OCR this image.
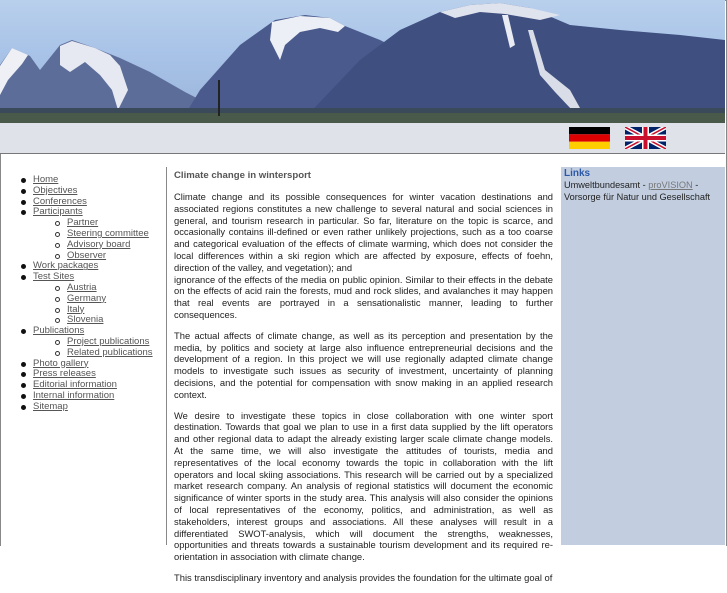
Home
Objectives
Conferences
Participants
Partner
Steering committee
Advisory board
Observer
Work packages
Test Sites
Austria
Germany
Italy
Slovenia
Publications
Project publications
Related publications
Photo gallery
Press releases
Editorial information
Internal information
Sitemap
Climate change in wintersport

Climate change and its possible consequences for winter vacation destinations and associated regions constitutes a new challenge to several natural and social sciences in general, and tourism research in particular. So far, literature on the topic is scarce, and occasionally contains ill-defined or even rather unlikely projections, such as a too coarse and categorical evaluation of the effects of climate warming, which does not consider the local differences within a ski region which are affected by exposure, effects of foehn, direction of the valley, and vegetation); and

ignorance of the effects of the media on public opinion. Similar to their effects in the debate on the effects of acid rain the forests, mud and rock slides, and avalanches it may happen that real events are portrayed in a sensationalistic manner, leading to further consequences.

The actual affects of climate change, as well as its perception and presentation by the media, by politics and society at large also influence entrepreneurial decisions and the development of a region. In this project we will use regionally adapted climate change models to investigate such issues as security of investment, uncertainty of planning decisions, and the potential for compensation with snow making in an applied research context.

We desire to investigate these topics in close collaboration with one winter sport destination. Towards that goal we plan to use in a first data supplied by the lift operators and other regional data to adapt the already existing larger scale climate change models. At the same time, we will also investigate the attitudes of tourists, media and representatives of the local economy towards the topic in collaboration with the lift operators and local skiing associations. This research will be carried out by a specialized market research company. An analysis of regional statistics will document the economic significance of winter sports in the study area. This analysis will also consider the opinions of local representatives of the economy, politics, and administration, as well as stakeholders, interest groups and associations. All these analyses will result in a differentiated SWOT-analysis, which will document the strengths, weaknesses, opportunities and threats towards a sustainable tourism development and its required re-orientation in association with climate change.

This transdisciplinary inventory and analysis provides the foundation for the ultimate goal of

Links
Umweltbundesamt - proVISION - Vorsorge für Natur und Gesellschaft
